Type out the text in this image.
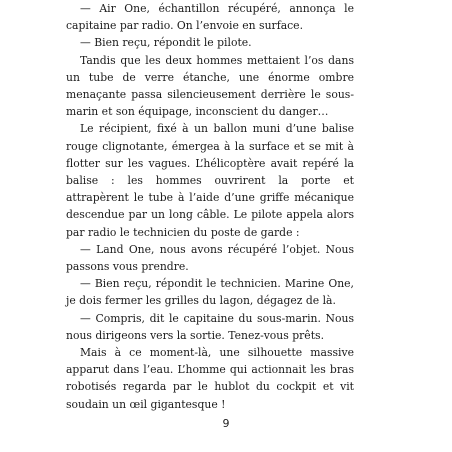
— Air One, échantillon récupéré, annonça le capitaine par radio. On l’envoie en surface.

— Bien reçu, répondit le pilote.

Tandis que les deux hommes mettaient l’os dans un tube de verre étanche, une énorme ombre menaçante passa silencieusement derrière le sous-marin et son équipage, inconscient du danger…

Le récipient, fixé à un ballon muni d’une balise rouge clignotante, émergea à la surface et se mit à flotter sur les vagues. L’hélicoptère avait repéré la balise : les hommes ouvrirent la porte et attrapèrent le tube à l’aide d’une griffe mécanique descendue par un long câble. Le pilote appela alors par radio le technicien du poste de garde :

— Land One, nous avons récupéré l’objet. Nous passons vous prendre.

— Bien reçu, répondit le technicien. Marine One, je dois fermer les grilles du lagon, dégagez de là.

— Compris, dit le capitaine du sous-marin. Nous nous dirigeons vers la sortie. Tenez-vous prêts.

Mais à ce moment-là, une silhouette massive apparut dans l’eau. L’homme qui actionnait les bras robotisés regarda par le hublot du cockpit et vit soudain un œil gigantesque !

9
